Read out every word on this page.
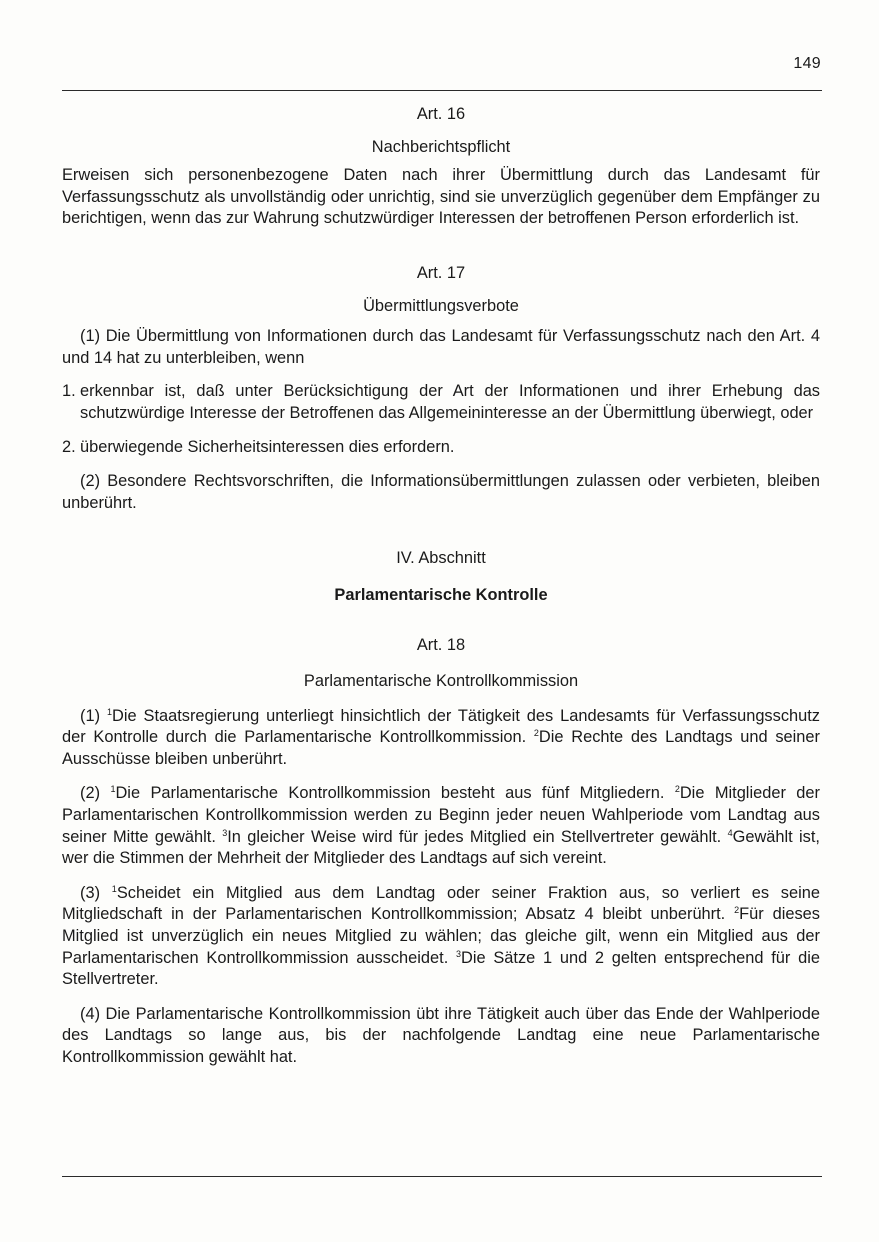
149
Art. 16
Nachberichtspflicht

Erweisen sich personenbezogene Daten nach ihrer Übermittlung durch das Landesamt für Verfassungsschutz als unvollständig oder unrichtig, sind sie unverzüglich gegenüber dem Empfänger zu berichtigen, wenn das zur Wahrung schutzwürdiger Interessen der betroffenen Person erforderlich ist.

Art. 17
Übermittlungsverbote

(1) Die Übermittlung von Informationen durch das Landesamt für Verfassungsschutz nach den Art. 4 und 14 hat zu unterbleiben, wenn

1. erkennbar ist, daß unter Berücksichtigung der Art der Informationen und ihrer Erhebung das schutzwürdige Interesse der Betroffenen das Allgemeininteresse an der Übermittlung überwiegt, oder
2. überwiegende Sicherheitsinteressen dies erfordern.

(2) Besondere Rechtsvorschriften, die Informationsübermittlungen zulassen oder verbieten, bleiben unberührt.

IV. Abschnitt
Parlamentarische Kontrolle
Art. 18
Parlamentarische Kontrollkommission

(1) $^1$Die Staatsregierung unterliegt hinsichtlich der Tätigkeit des Landesamts für Verfassungsschutz der Kontrolle durch die Parlamentarische Kontrollkommission. $^2$Die Rechte des Landtags und seiner Ausschüsse bleiben unberührt.

(2) $^1$Die Parlamentarische Kontrollkommission besteht aus fünf Mitgliedern. $^2$Die Mitglieder der Parlamentarischen Kontrollkommission werden zu Beginn jeder neuen Wahlperiode vom Landtag aus seiner Mitte gewählt. $^3$In gleicher Weise wird für jedes Mitglied ein Stellvertreter gewählt. $^4$Gewählt ist, wer die Stimmen der Mehrheit der Mitglieder des Landtags auf sich vereint.

(3) $^1$Scheidet ein Mitglied aus dem Landtag oder seiner Fraktion aus, so verliert es seine Mitgliedschaft in der Parlamentarischen Kontrollkommission; Absatz 4 bleibt unberührt. $^2$Für dieses Mitglied ist unverzüglich ein neues Mitglied zu wählen; das gleiche gilt, wenn ein Mitglied aus der Parlamentarischen Kontrollkommission ausscheidet. $^3$Die Sätze 1 und 2 gelten entsprechend für die Stellvertreter.

(4) Die Parlamentarische Kontrollkommission übt ihre Tätigkeit auch über das Ende der Wahlperiode des Landtags so lange aus, bis der nachfolgende Landtag eine neue Parlamentarische Kontrollkommission gewählt hat.
